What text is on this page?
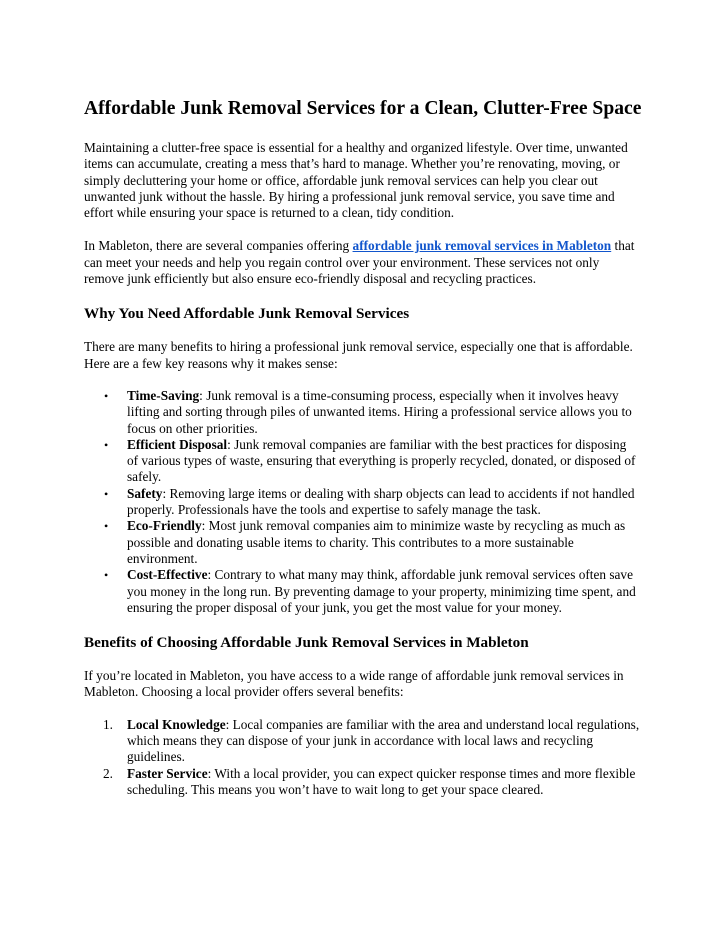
Affordable Junk Removal Services for a Clean, Clutter-Free Space

Maintaining a clutter-free space is essential for a healthy and organized lifestyle. Over time, unwanted items can accumulate, creating a mess that’s hard to manage. Whether you’re renovating, moving, or simply decluttering your home or office, affordable junk removal services can help you clear out unwanted junk without the hassle. By hiring a professional junk removal service, you save time and effort while ensuring your space is returned to a clean, tidy condition.

In Mableton, there are several companies offering affordable junk removal services in Mableton that can meet your needs and help you regain control over your environment. These services not only remove junk efficiently but also ensure eco-friendly disposal and recycling practices.

Why You Need Affordable Junk Removal Services

There are many benefits to hiring a professional junk removal service, especially one that is affordable. Here are a few key reasons why it makes sense:

•	Time-Saving: Junk removal is a time-consuming process, especially when it involves heavy lifting and sorting through piles of unwanted items. Hiring a professional service allows you to focus on other priorities.
•	Efficient Disposal: Junk removal companies are familiar with the best practices for disposing of various types of waste, ensuring that everything is properly recycled, donated, or disposed of safely.
•	Safety: Removing large items or dealing with sharp objects can lead to accidents if not handled properly. Professionals have the tools and expertise to safely manage the task.
•	Eco-Friendly: Most junk removal companies aim to minimize waste by recycling as much as possible and donating usable items to charity. This contributes to a more sustainable environment.
•	Cost-Effective: Contrary to what many may think, affordable junk removal services often save you money in the long run. By preventing damage to your property, minimizing time spent, and ensuring the proper disposal of your junk, you get the most value for your money.
Benefits of Choosing Affordable Junk Removal Services in Mableton

If you’re located in Mableton, you have access to a wide range of affordable junk removal services in Mableton. Choosing a local provider offers several benefits:

1.	Local Knowledge: Local companies are familiar with the area and understand local regulations, which means they can dispose of your junk in accordance with local laws and recycling guidelines.
2.	Faster Service: With a local provider, you can expect quicker response times and more flexible scheduling. This means you won’t have to wait long to get your space cleared.
